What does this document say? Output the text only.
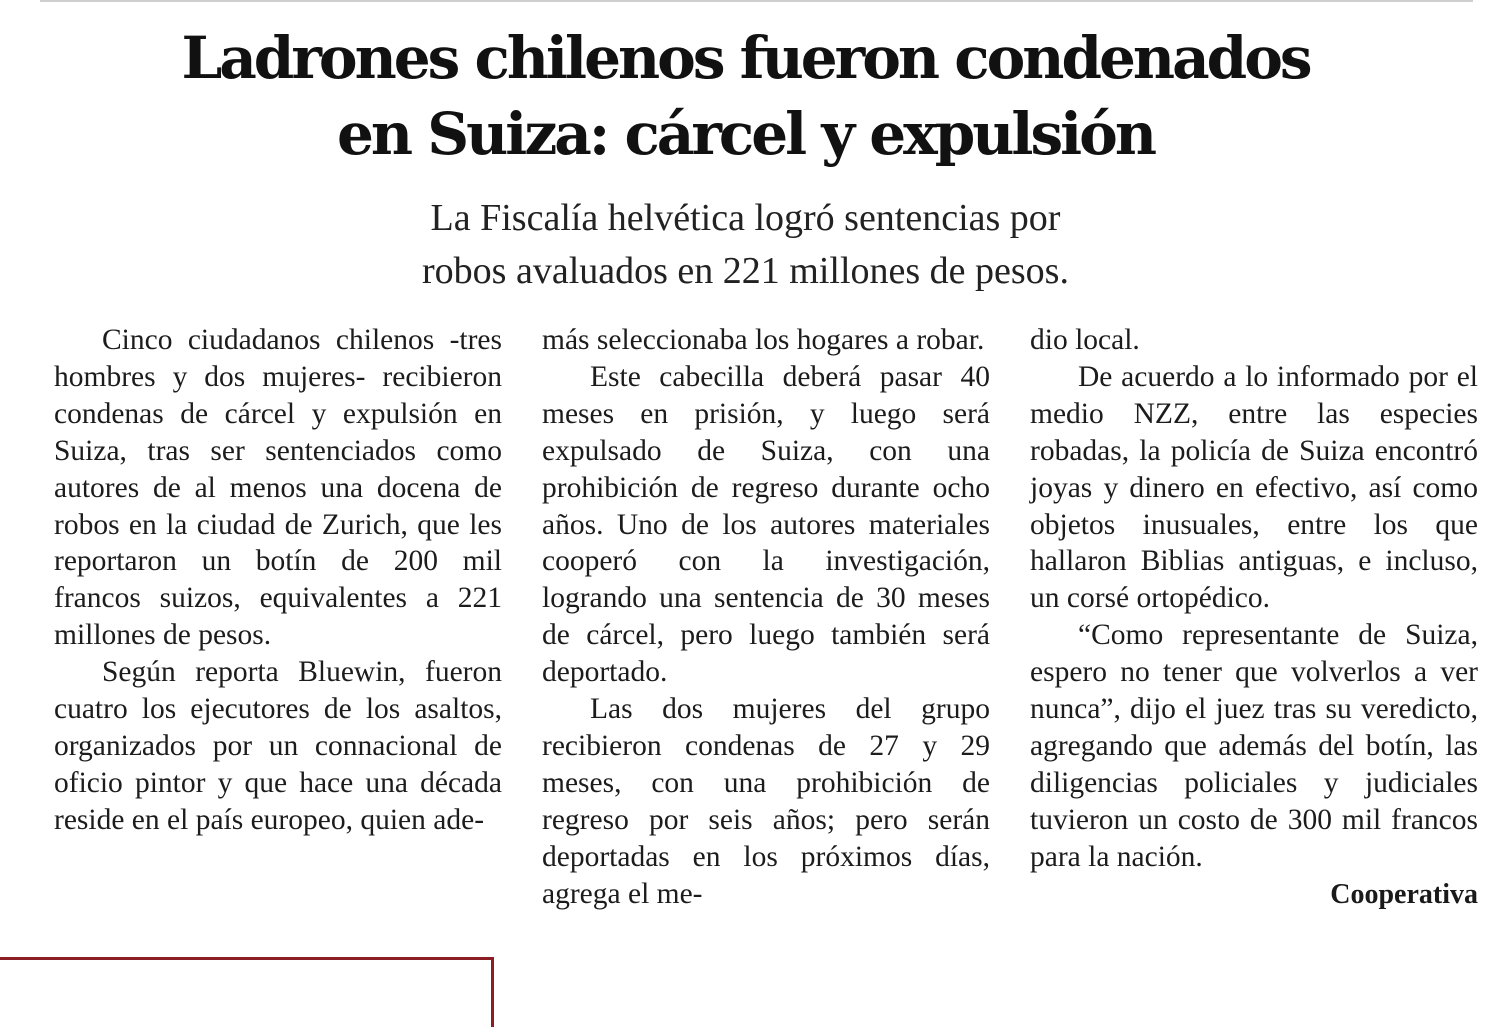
Ladrones chilenos fueron condenados
en Suiza: cárcel y expulsión
La Fiscalía helvética logró sentencias por
robos avaluados en 221 millones de pesos.

Cinco ciudadanos chilenos -tres hombres y dos mujeres- recibieron condenas de cárcel y expulsión en Suiza, tras ser sentenciados como autores de al menos una docena de robos en la ciudad de Zurich, que les reportaron un botín de 200 mil francos suizos, equivalentes a 221 millones de pesos.

Según reporta Bluewin, fueron cuatro los ejecutores de los asaltos, organizados por un connacional de oficio pintor y que hace una década reside en el país europeo, quien ade-

más seleccionaba los hogares a robar.

Este cabecilla deberá pasar 40 meses en prisión, y luego será expulsado de Suiza, con una prohibición de regreso durante ocho años. Uno de los autores materiales cooperó con la investigación, logrando una sentencia de 30 meses de cárcel, pero luego también será deportado.

Las dos mujeres del grupo recibieron condenas de 27 y 29 meses, con una prohibición de regreso por seis años; pero serán deportadas en los próximos días, agrega el me-

dio local.

De acuerdo a lo informado por el medio NZZ, entre las especies robadas, la policía de Suiza encontró joyas y dinero en efectivo, así como objetos inusuales, entre los que hallaron Biblias antiguas, e incluso, un corsé ortopédico.

“Como representante de Suiza, espero no tener que volverlos a ver nunca”, dijo el juez tras su veredicto, agregando que además del botín, las diligencias policiales y judiciales tuvieron un costo de 300 mil francos para la nación.

Cooperativa
